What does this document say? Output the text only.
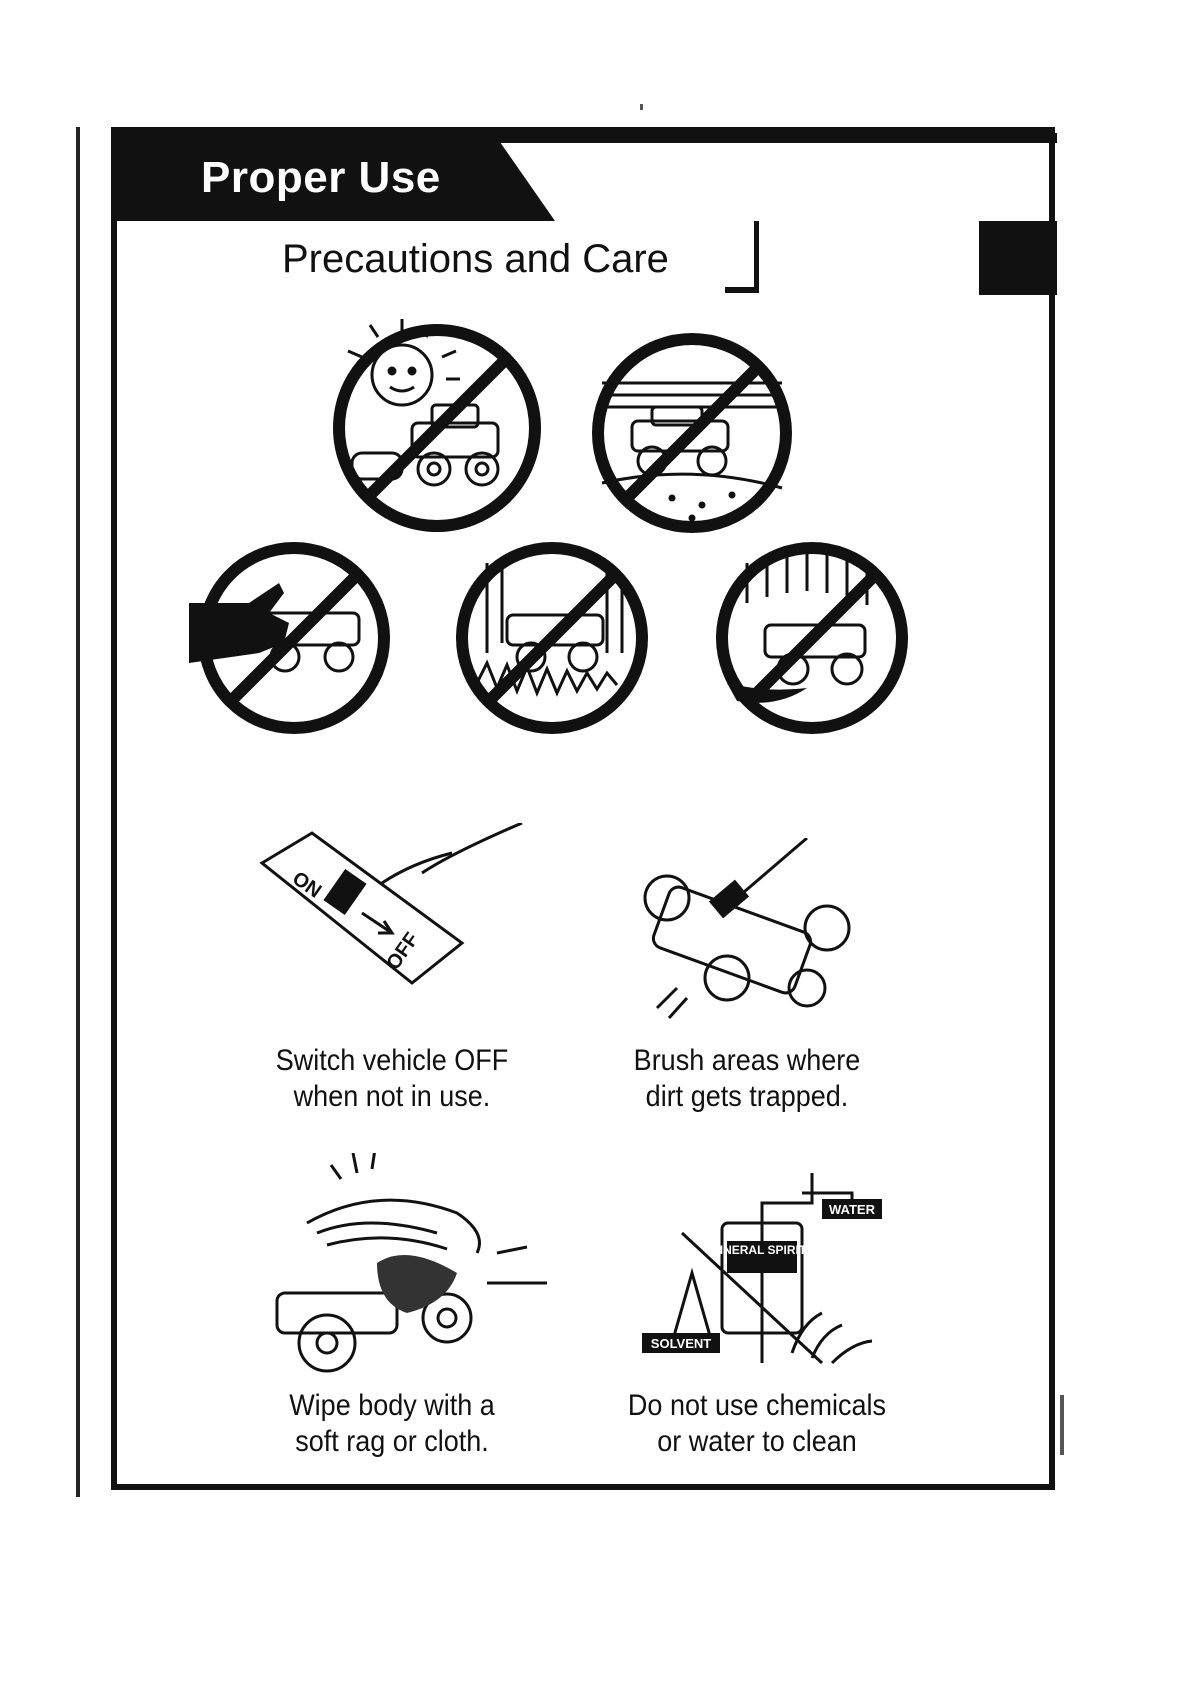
Proper Use
Precautions and Care
ON
OFF
Switch vehicle OFF
when not in use.
Brush areas where
dirt gets trapped.
Wipe body with a
soft rag or cloth.
MINERAL SPIRITS
SOLVENT
WATER
Do not use chemicals
or water to clean
